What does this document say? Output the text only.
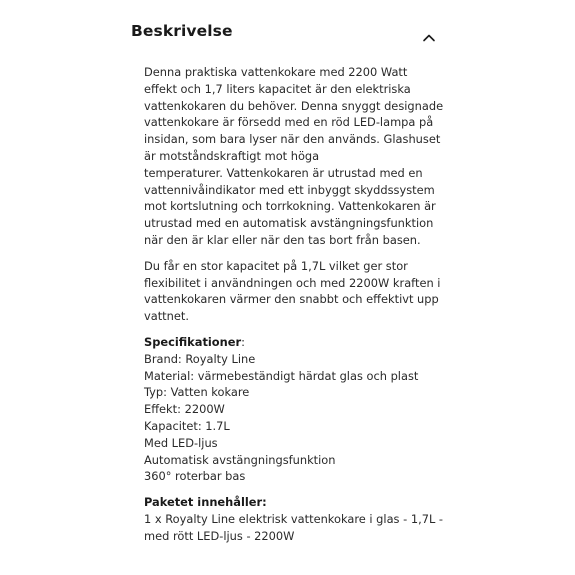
Beskrivelse
Denna praktiska vattenkokare med 2200 Watt
effekt och 1,7 liters kapacitet är den elektriska
vattenkokaren du behöver. Denna snyggt designade
vattenkokare är försedd med en röd LED-lampa på
insidan, som bara lyser när den används. Glashuset
är motståndskraftigt mot höga
temperaturer. Vattenkokaren är utrustad med en
vattennivåindikator med ett inbyggt skyddssystem
mot kortslutning och torrkokning. Vattenkokaren är
utrustad med en automatisk avstängningsfunktion
när den är klar eller när den tas bort från basen.
Du får en stor kapacitet på 1,7L vilket ger stor
flexibilitet i användningen och med 2200W kraften i
vattenkokaren värmer den snabbt och effektivt upp
vattnet.
Specifikationer:
Brand: Royalty Line
Material: värmebeständigt härdat glas och plast
Typ: Vatten kokare
Effekt: 2200W
Kapacitet: 1.7L
Med LED-ljus
Automatisk avstängningsfunktion
360° roterbar bas
Paketet innehåller:
1 x Royalty Line elektrisk vattenkokare i glas - 1,7L -
med rött LED-ljus - 2200W
